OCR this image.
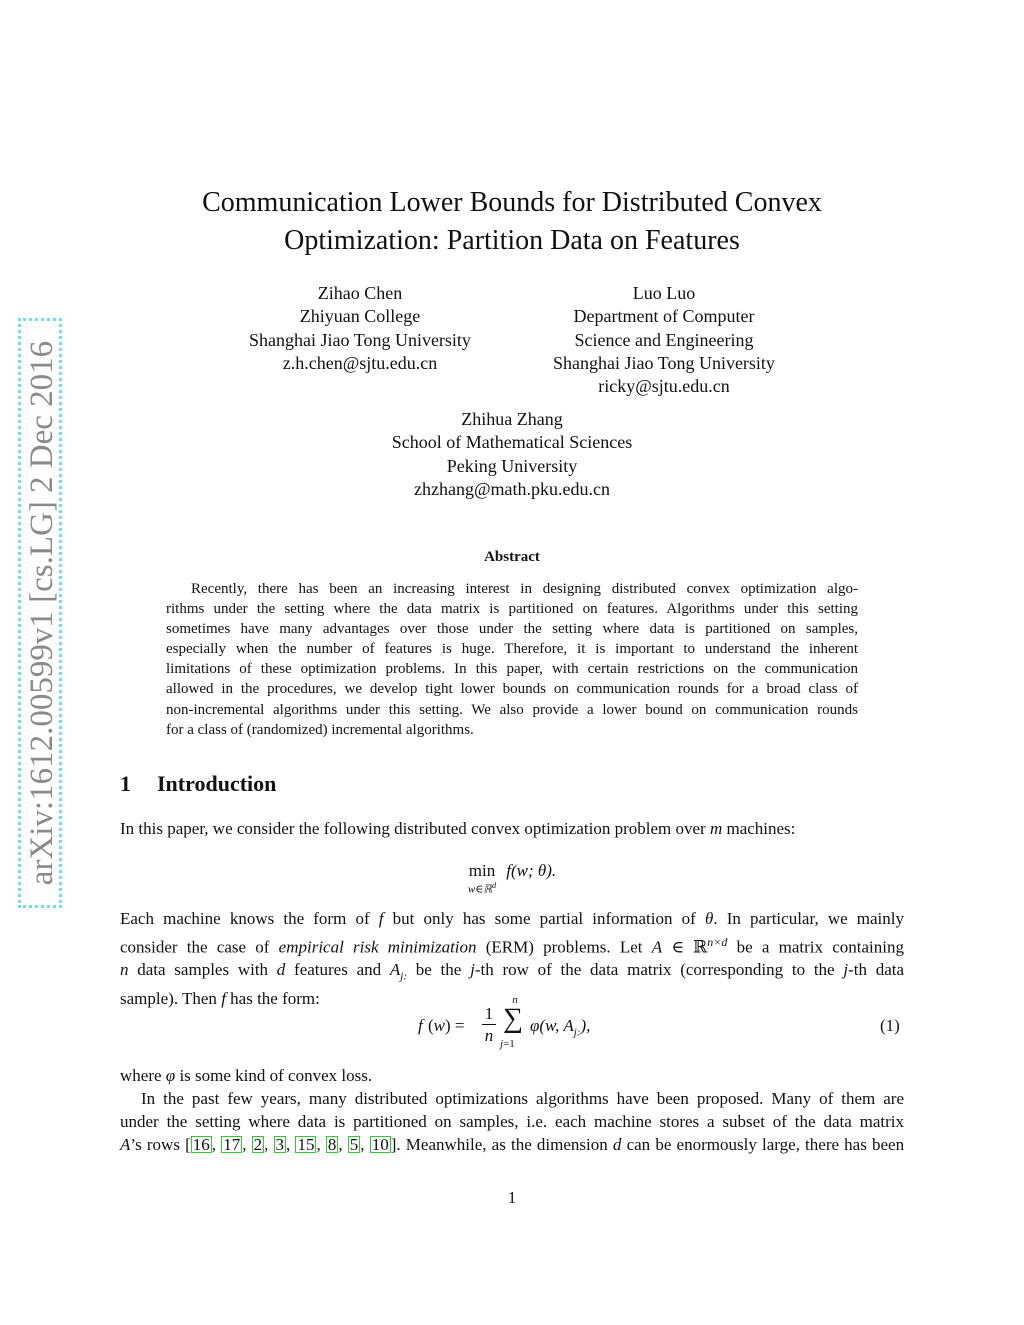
arXiv:1612.00599v1 [cs.LG] 2 Dec 2016
Communication Lower Bounds for Distributed Convex
Optimization: Partition Data on Features
Zihao Chen
Zhiyuan College
Shanghai Jiao Tong University
z.h.chen@sjtu.edu.cn
Luo Luo
Department of Computer
Science and Engineering
Shanghai Jiao Tong University
ricky@sjtu.edu.cn
Zhihua Zhang
School of Mathematical Sciences
Peking University
zhzhang@math.pku.edu.cn
Abstract
Recently, there has been an increasing interest in designing distributed convex optimization algo-
rithms under the setting where the data matrix is partitioned on features. Algorithms under this setting
sometimes have many advantages over those under the setting where data is partitioned on samples,
especially when the number of features is huge. Therefore, it is important to understand the inherent
limitations of these optimization problems. In this paper, with certain restrictions on the communication
allowed in the procedures, we develop tight lower bounds on communication rounds for a broad class of
non-incremental algorithms under this setting. We also provide a lower bound on communication rounds
for a class of (randomized) incremental algorithms.
1 Introduction
In this paper, we consider the following distributed convex optimization problem over m machines:
min
w∈ℝ$^d$
f(w; θ).
Each machine knows the form of f but only has some partial information of θ. In particular, we mainly
consider the case of empirical risk minimization (ERM) problems. Let A ∈ ℝ$^{n\times d}$ be a matrix containing
n data samples with d features and $A_{j:}$ be the j-th row of the data matrix (corresponding to the j-th data
sample). Then f has the form:
f (w) =
1
n
n
∑
j=1
φ(w, $A_{j:}$),	(1)
where φ is some kind of convex loss.
In the past few years, many distributed optimizations algorithms have been proposed. Many of them are
under the setting where data is partitioned on samples, i.e. each machine stores a subset of the data matrix
A’s rows [ 16 , 17 , 2 , 3 , 15 , 8 , 5 , 10 ]. Meanwhile, as the dimension d can be enormously large, there has been
1
